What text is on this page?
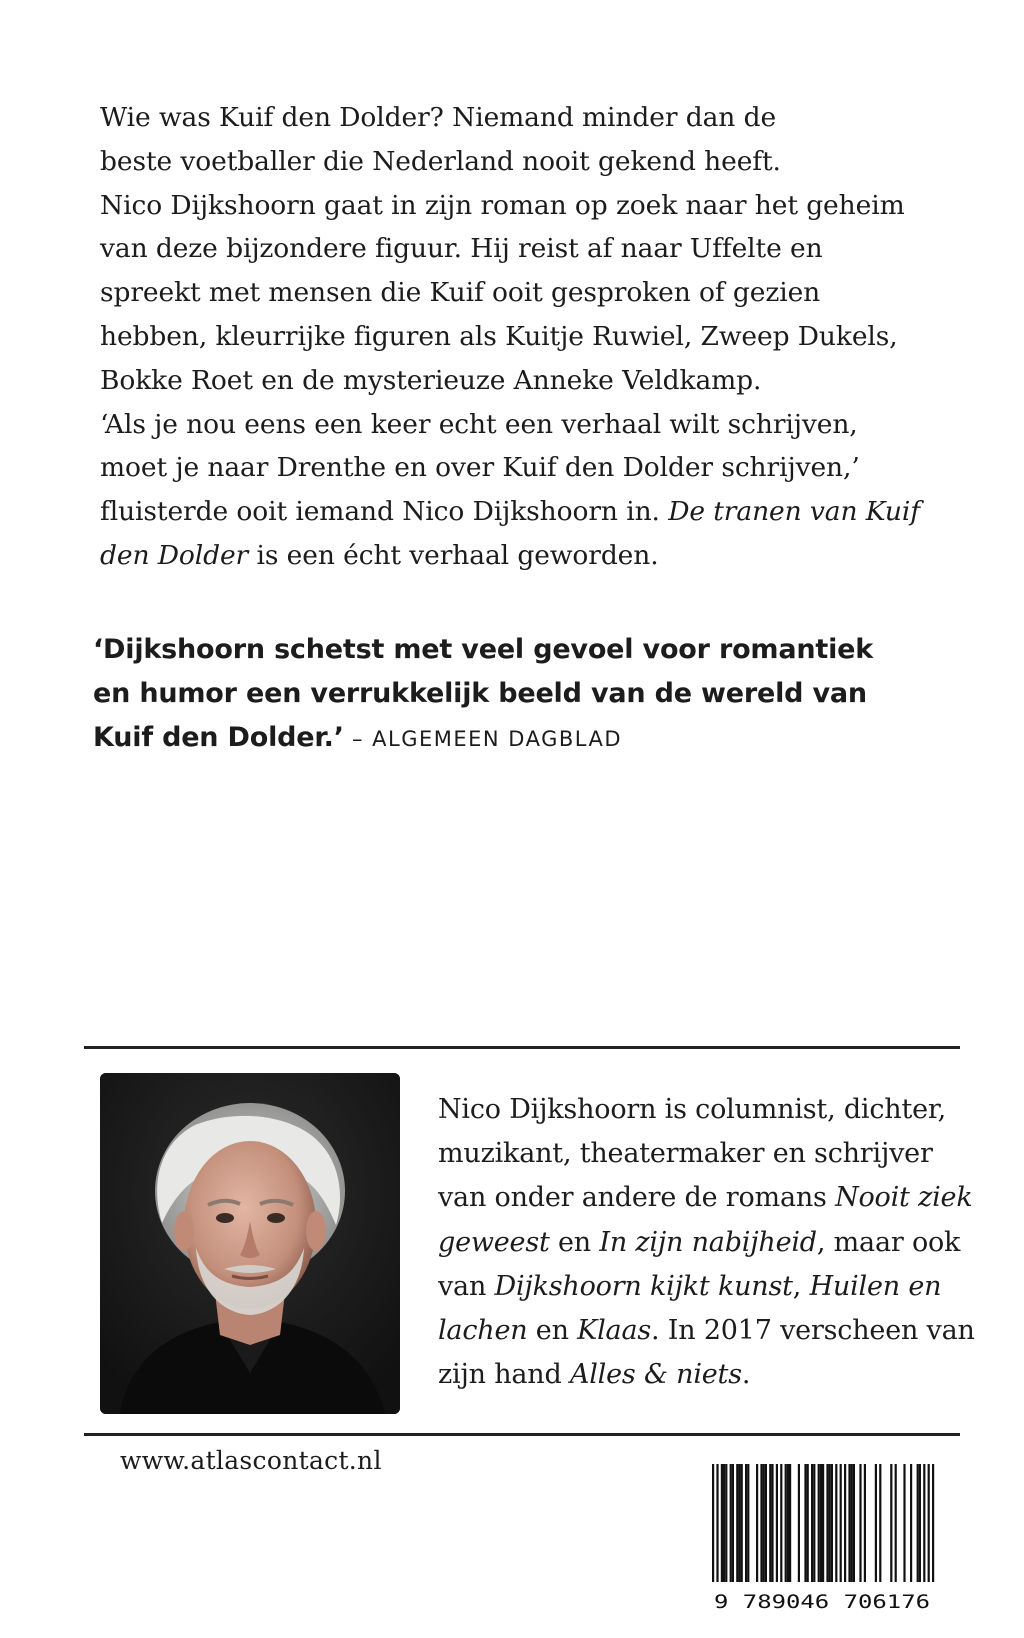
Wie was Kuif den Dolder? Niemand minder dan de
beste voetballer die Nederland nooit gekend heeft.
Nico Dijkshoorn gaat in zijn roman op zoek naar het geheim
van deze bijzondere figuur. Hij reist af naar Uffelte en
spreekt met mensen die Kuif ooit gesproken of gezien
hebben, kleurrijke figuren als Kuitje Ruwiel, Zweep Dukels,
Bokke Roet en de mysterieuze Anneke Veldkamp.
‘Als je nou eens een keer echt een verhaal wilt schrijven,
moet je naar Drenthe en over Kuif den Dolder schrijven,’
fluisterde ooit iemand Nico Dijkshoorn in. De tranen van Kuif
den Dolder is een écht verhaal geworden.
‘Dijkshoorn schetst met veel gevoel voor romantiek
en humor een verrukkelijk beeld van de wereld van
Kuif den Dolder.’ – ALGEMEEN DAGBLAD
Nico Dijkshoorn is columnist, dichter,
muzikant, theatermaker en schrijver
van onder andere de romans Nooit ziek
geweest en In zijn nabijheid, maar ook
van Dijkshoorn kijkt kunst, Huilen en
lachen en Klaas. In 2017 verscheen van
zijn hand Alles & niets.
www.atlascontact.nl
9 789046 706176
